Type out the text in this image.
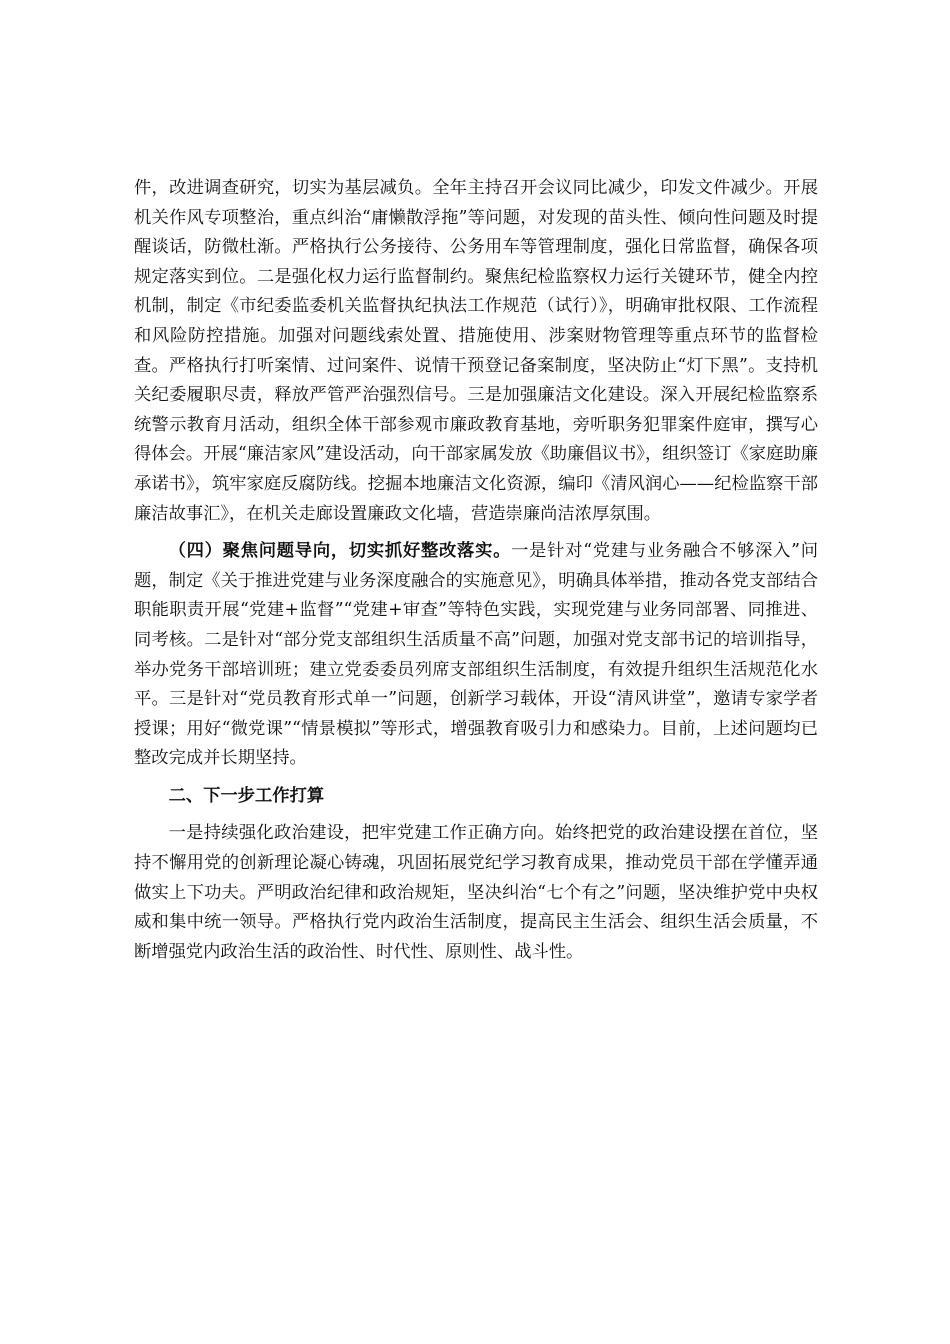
件，改进调查研究，切实为基层减负。全年主持召开会议同比减少，印发文件减少。开展机关作风专项整治，重点纠治“庸懒散浮拖”等问题，对发现的苗头性、倾向性问题及时提醒谈话，防微杜渐。严格执行公务接待、公务用车等管理制度，强化日常监督，确保各项规定落实到位。二是强化权力运行监督制约。聚焦纪检监察权力运行关键环节，健全内控机制，制定《市纪委监委机关监督执纪执法工作规范（试行）》，明确审批权限、工作流程和风险防控措施。加强对问题线索处置、措施使用、涉案财物管理等重点环节的监督检查。严格执行打听案情、过问案件、说情干预登记备案制度，坚决防止“灯下黑”。支持机关纪委履职尽责，释放严管严治强烈信号。三是加强廉洁文化建设。深入开展纪检监察系统警示教育月活动，组织全体干部参观市廉政教育基地，旁听职务犯罪案件庭审，撰写心得体会。开展“廉洁家风”建设活动，向干部家属发放《助廉倡议书》，组织签订《家庭助廉承诺书》，筑牢家庭反腐防线。挖掘本地廉洁文化资源，编印《清风润心——纪检监察干部廉洁故事汇》，在机关走廊设置廉政文化墙，营造崇廉尚洁浓厚氛围。

（四）聚焦问题导向，切实抓好整改落实。一是针对“党建与业务融合不够深入”问题，制定《关于推进党建与业务深度融合的实施意见》，明确具体举措，推动各党支部结合职能职责开展“党建+监督”“党建+审查”等特色实践，实现党建与业务同部署、同推进、同考核。二是针对“部分党支部组织生活质量不高”问题，加强对党支部书记的培训指导，举办党务干部培训班；建立党委委员列席支部组织生活制度，有效提升组织生活规范化水平。三是针对“党员教育形式单一”问题，创新学习载体，开设“清风讲堂”，邀请专家学者授课；用好“微党课”“情景模拟”等形式，增强教育吸引力和感染力。目前，上述问题均已整改完成并长期坚持。

二、下一步工作打算

一是持续强化政治建设，把牢党建工作正确方向。始终把党的政治建设摆在首位，坚持不懈用党的创新理论凝心铸魂，巩固拓展党纪学习教育成果，推动党员干部在学懂弄通做实上下功夫。严明政治纪律和政治规矩，坚决纠治“七个有之”问题，坚决维护党中央权威和集中统一领导。严格执行党内政治生活制度，提高民主生活会、组织生活会质量，不断增强党内政治生活的政治性、时代性、原则性、战斗性。
